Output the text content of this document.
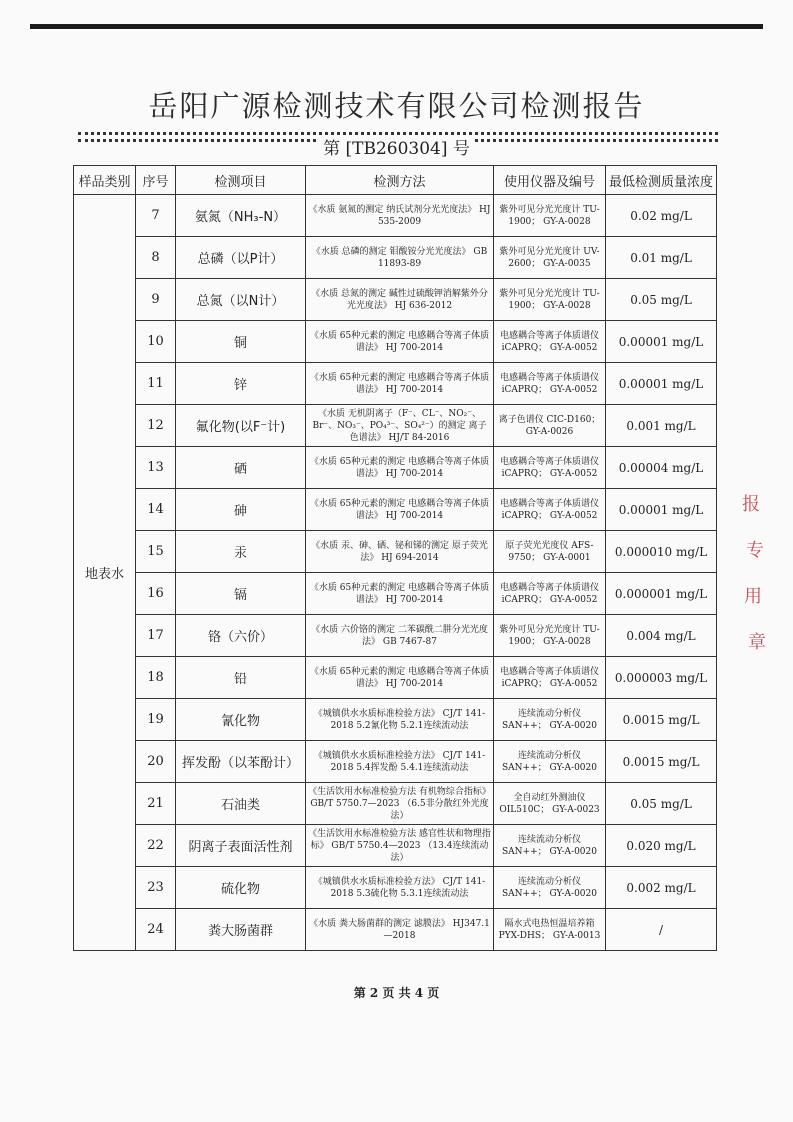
岳阳广源检测技术有限公司检测报告
第 [TB260304] 号
样品类别	序号	检测项目	检测方法	使用仪器及编号	最低检测质量浓度
地表水	7	氨氮（NH₃-N）	《水质 氨氮的测定 纳氏试剂分光光度法》 HJ 535-2009	紫外可见分光光度计 TU-1900； GY-A-0028	0.02 mg/L
	8	总磷（以P计）	《水质 总磷的测定 钼酸铵分光光度法》 GB 11893-89	紫外可见分光光度计 UV-2600； GY-A-0035	0.01 mg/L
	9	总氮（以N计）	《水质 总氮的测定 碱性过硫酸钾消解紫外分光光度法》 HJ 636-2012	紫外可见分光光度计 TU-1900； GY-A-0028	0.05 mg/L
	10	铜	《水质 65种元素的测定 电感耦合等离子体质谱法》 HJ 700-2014	电感耦合等离子体质谱仪iCAPRQ； GY-A-0052	0.00001 mg/L
	11	锌	《水质 65种元素的测定 电感耦合等离子体质谱法》 HJ 700-2014	电感耦合等离子体质谱仪iCAPRQ； GY-A-0052	0.00001 mg/L
	12	氟化物(以F⁻计)	《水质 无机阴离子（F⁻、CL⁻、NO₂⁻、Br⁻、NO₃⁻、PO₄³⁻、SO₄²⁻）的测定 离子色谱法》 HJ/T 84-2016	离子色谱仪 CIC-D160； GY-A-0026	0.001 mg/L
	13	硒	《水质 65种元素的测定 电感耦合等离子体质谱法》 HJ 700-2014	电感耦合等离子体质谱仪iCAPRQ； GY-A-0052	0.00004 mg/L
	14	砷	《水质 65种元素的测定 电感耦合等离子体质谱法》 HJ 700-2014	电感耦合等离子体质谱仪iCAPRQ； GY-A-0052	0.00001 mg/L
	15	汞	《水质 汞、砷、硒、铋和锑的测定 原子荧光法》 HJ 694-2014	原子荧光光度仪 AFS-9750； GY-A-0001	0.000010 mg/L
	16	镉	《水质 65种元素的测定 电感耦合等离子体质谱法》 HJ 700-2014	电感耦合等离子体质谱仪iCAPRQ； GY-A-0052	0.000001 mg/L
	17	铬（六价）	《水质 六价铬的测定 二苯碳酰二肼分光光度法》 GB 7467-87	紫外可见分光光度计 TU-1900； GY-A-0028	0.004 mg/L
	18	铅	《水质 65种元素的测定 电感耦合等离子体质谱法》 HJ 700-2014	电感耦合等离子体质谱仪iCAPRQ； GY-A-0052	0.000003 mg/L
	19	氰化物	《城镇供水水质标准检验方法》 CJ/T 141-2018 5.2氰化物 5.2.1连续流动法	连续流动分析仪 SAN++； GY-A-0020	0.0015 mg/L
	20	挥发酚（以苯酚计）	《城镇供水水质标准检验方法》 CJ/T 141-2018 5.4挥发酚 5.4.1连续流动法	连续流动分析仪 SAN++； GY-A-0020	0.0015 mg/L
	21	石油类	《生活饮用水标准检验方法 有机物综合指标》 GB/T 5750.7—2023 （6.5非分散红外光度法）	全自动红外测油仪 OIL510C； GY-A-0023	0.05 mg/L
	22	阴离子表面活性剂	《生活饮用水标准检验方法 感官性状和物理指标》 GB/T 5750.4—2023 （13.4连续流动法）	连续流动分析仪 SAN++； GY-A-0020	0.020 mg/L
	23	硫化物	《城镇供水水质标准检验方法》 CJ/T 141-2018 5.3硫化物 5.3.1连续流动法	连续流动分析仪 SAN++； GY-A-0020	0.002 mg/L
	24	粪大肠菌群	《水质 粪大肠菌群的测定 滤膜法》 HJ347.1—2018	隔水式电热恒温培养箱 PYX-DHS； GY-A-0013	/
报
专
用
章
第 2 页 共 4 页
